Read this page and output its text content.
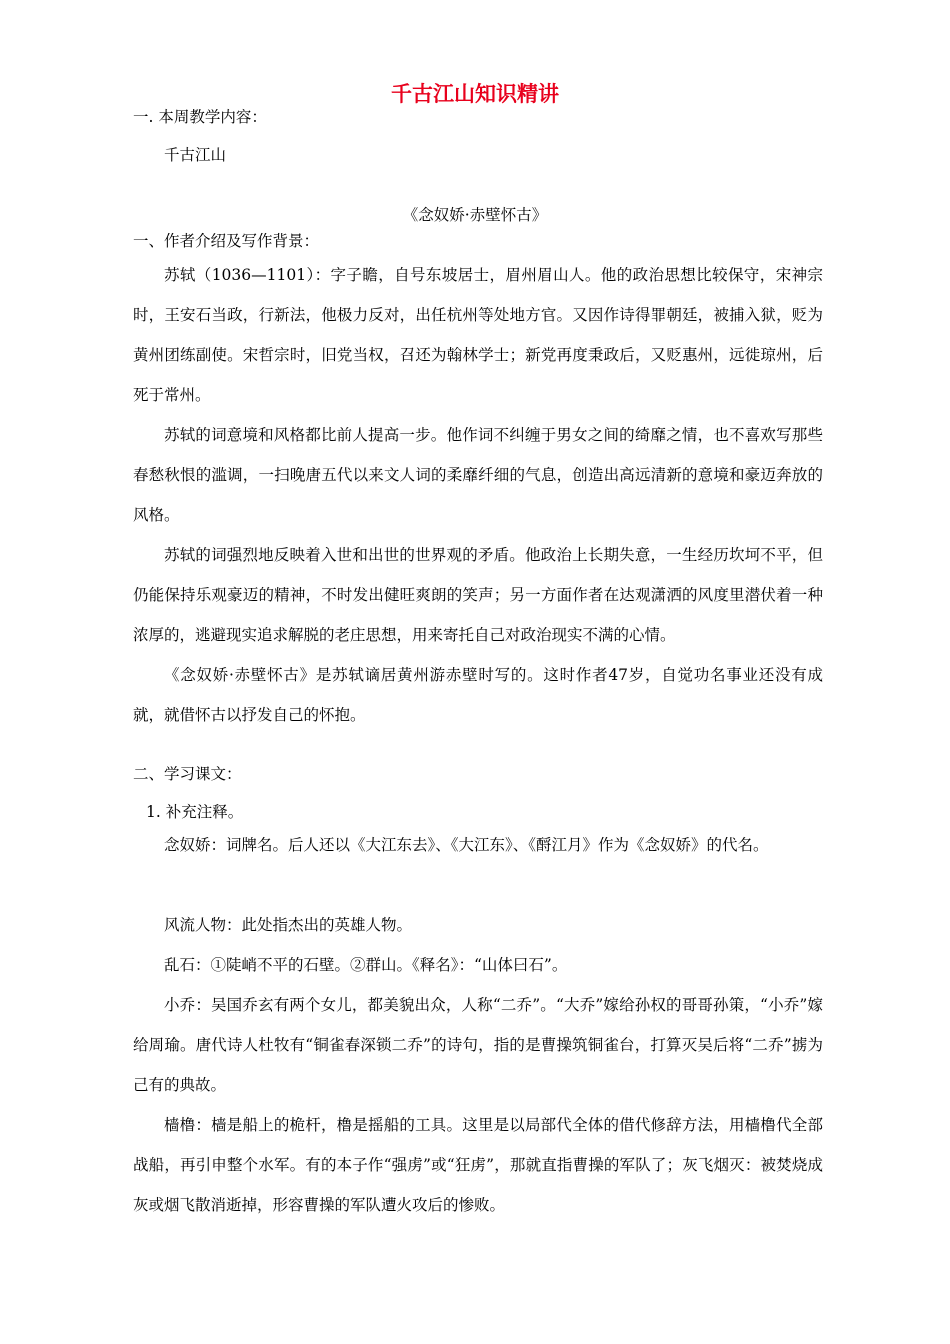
千古江山知识精讲
一. 本周教学内容：
千古江山
《念奴娇·赤壁怀古》
一、作者介绍及写作背景：
苏轼（1036—1101）：字子瞻，自号东坡居士，眉州眉山人。他的政治思想比较保守，宋神宗时，王安石当政，行新法，他极力反对，出任杭州等处地方官。又因作诗得罪朝廷，被捕入狱，贬为黄州团练副使。宋哲宗时，旧党当权，召还为翰林学士；新党再度秉政后，又贬惠州，远徙琼州，后死于常州。
苏轼的词意境和风格都比前人提高一步。他作词不纠缠于男女之间的绮靡之情，也不喜欢写那些春愁秋恨的滥调，一扫晚唐五代以来文人词的柔靡纤细的气息，创造出高远清新的意境和豪迈奔放的风格。
苏轼的词强烈地反映着入世和出世的世界观的矛盾。他政治上长期失意，一生经历坎坷不平，但仍能保持乐观豪迈的精神，不时发出健旺爽朗的笑声；另一方面作者在达观潇洒的风度里潜伏着一种浓厚的，逃避现实追求解脱的老庄思想，用来寄托自己对政治现实不满的心情。
《念奴娇·赤壁怀古》是苏轼谪居黄州游赤壁时写的。这时作者47岁，自觉功名事业还没有成就，就借怀古以抒发自己的怀抱。
二、学习课文：
1. 补充注释。
念奴娇：词牌名。后人还以《大江东去》、《大江东》、《酹江月》作为《念奴娇》的代名。
风流人物：此处指杰出的英雄人物。
乱石：①陡峭不平的石壁。②群山。《释名》：“山体曰石”。
小乔：吴国乔玄有两个女儿，都美貌出众，人称“二乔”。“大乔”嫁给孙权的哥哥孙策，“小乔”嫁给周瑜。唐代诗人杜牧有“铜雀春深锁二乔”的诗句，指的是曹操筑铜雀台，打算灭吴后将“二乔”掳为己有的典故。
樯橹：樯是船上的桅杆，橹是摇船的工具。这里是以局部代全体的借代修辞方法，用樯橹代全部战船，再引申整个水军。有的本子作“强虏”或“狂虏”，那就直指曹操的军队了；灰飞烟灭：被焚烧成灰或烟飞散消逝掉，形容曹操的军队遭火攻后的惨败。
